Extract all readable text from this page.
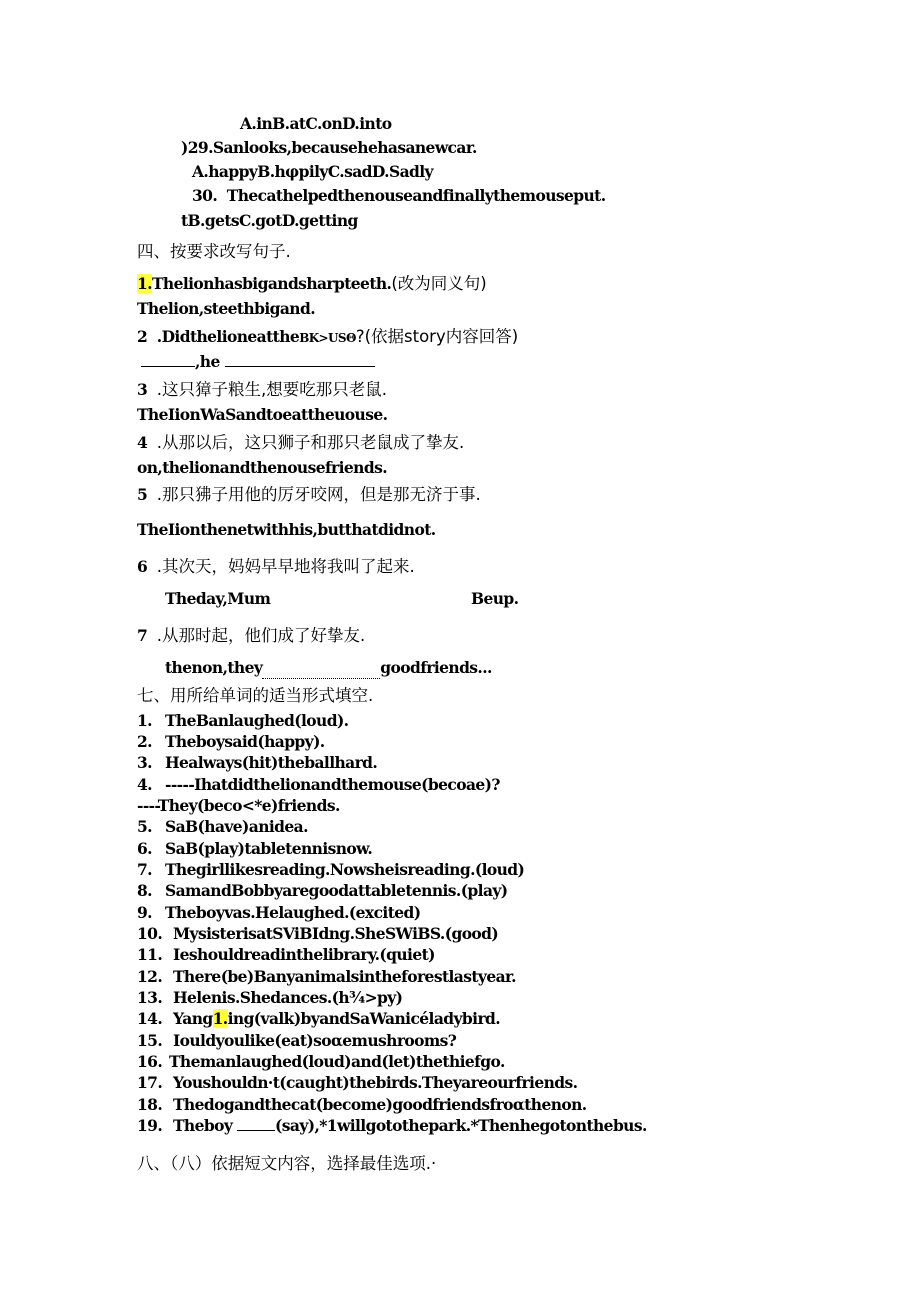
A.inB.atC.onD.into
)29.Sanlooks,becausehehasanewcar.
A.happyB.hφpilyC.sadD.Sadly
30. Thecathelpedthenouseandfinallythemouseput.
tB.getsC.gotD.getting
四、按要求改写句子.
1.Thelionhasbigandsharpteeth.(改为同义句)
Thelion,steethbigand.
2 .DidthelioneattheBK>USΘ?(依据story内容回答)
,he
3 .这只獐子粮生,想要吃那只老鼠.
TheIionWaSandtoeattheuouse.
4 .从那以后，这只狮子和那只老鼠成了挚友.
on,thelionandthenousefriends.
5 .那只狒子用他的厉牙咬网，但是那无济于事.
TheIionthenetwithhis,butthatdidnot.
6 .其次天，妈妈早早地将我叫了起来.
Theday,Mum	Beup.
7 .从那时起，他们成了好挚友.
thenon,they	goodfriends...
七、用所给单词的适当形式填空.
1. TheBanlaughed(loud).
2. Theboysaid(happy).
3. Healways(hit)theballhard.
4. -----Ihatdidthelionandthemouse(becoae)?
----They(beco<*e)friends.
5. SaB(have)anidea.
6. SaB(play)tabletennisnow.
7. Thegirllikesreading.Nowsheisreading.(loud)
8. SamandBobbyaregoodattabletennis.(play)
9. Theboyvas.Helaughed.(excited)
10. MysisterisatSViBIdng.SheSWiBS.(good)
11. Ieshouldreadinthelibrary.(quiet)
12. There(be)Banyanimalsintheforestlastyear.
13. Helenis.Shedances.(h¾>py)
14. Yang1.ing(valk)byandSaWanicéladybird.
15. Iouldyoulike(eat)soαemushrooms?
16. Themanlaughed(loud)and(let)thethiefgo.
17. Youshouldn·t(caught)thebirds.Theyareourfriends.
18. Thedogandthecat(become)goodfriendsfroαthenon.
19. Theboy	(say),*1willgotothepark.*Thenhegotonthebus.
八、（八）依据短文内容，选择最佳选项.·
